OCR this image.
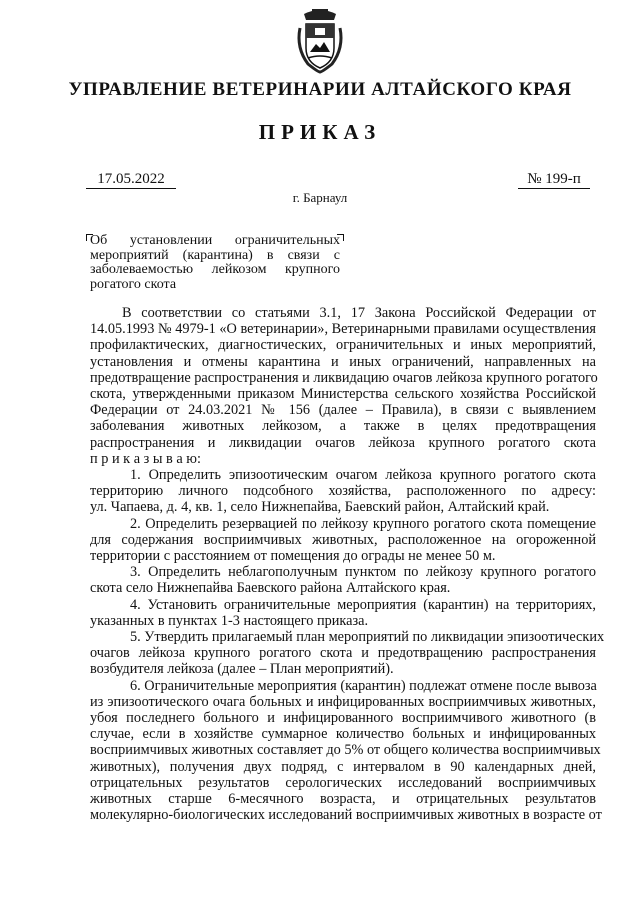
УПРАВЛЕНИЕ ВЕТЕРИНАРИИ АЛТАЙСКОГО КРАЯ
ПРИКАЗ
17.05.2022	№ 199-п
г. Барнаул
Об установлении ограничительных
мероприятий (карантина) в связи с
заболеваемостью лейкозом крупного
рогатого скота
В соответствии со статьями 3.1, 17 Закона Российской Федерации от
14.05.1993 № 4979-1 «О ветеринарии», Ветеринарными правилами осуществления
профилактических, диагностических, ограничительных и иных мероприятий,
установления и отмены карантина и иных ограничений, направленных на
предотвращение распространения и ликвидацию очагов лейкоза крупного рогатого
скота, утвержденными приказом Министерства сельского хозяйства Российской
Федерации от 24.03.2021 № 156 (далее – Правила), в связи с выявлением
заболевания животных лейкозом, а также в целях предотвращения
распространения и ликвидации очагов лейкоза крупного рогатого скота
п р и к а з ы в а ю:
1. Определить эпизоотическим очагом лейкоза крупного рогатого скота
территорию личного подсобного хозяйства, расположенного по адресу:
ул. Чапаева, д. 4, кв. 1, село Нижнепайва, Баевский район, Алтайский край.
2. Определить резервацией по лейкозу крупного рогатого скота помещение
для содержания восприимчивых животных, расположенное на огороженной
территории с расстоянием от помещения до ограды не менее 50 м.
3. Определить неблагополучным пунктом по лейкозу крупного рогатого
скота село Нижнепайва Баевского района Алтайского края.
4. Установить ограничительные мероприятия (карантин) на территориях,
указанных в пунктах 1-3 настоящего приказа.
5. Утвердить прилагаемый план мероприятий по ликвидации эпизоотических
очагов лейкоза крупного рогатого скота и предотвращению распространения
возбудителя лейкоза (далее – План мероприятий).
6. Ограничительные мероприятия (карантин) подлежат отмене после вывоза
из эпизоотического очага больных и инфицированных восприимчивых животных,
убоя последнего больного и инфицированного восприимчивого животного (в
случае, если в хозяйстве суммарное количество больных и инфицированных
восприимчивых животных составляет до 5% от общего количества восприимчивых
животных), получения двух подряд, с интервалом в 90 календарных дней,
отрицательных результатов серологических исследований восприимчивых
животных старше 6-месячного возраста, и отрицательных результатов
молекулярно-биологических исследований восприимчивых животных в возрасте от
